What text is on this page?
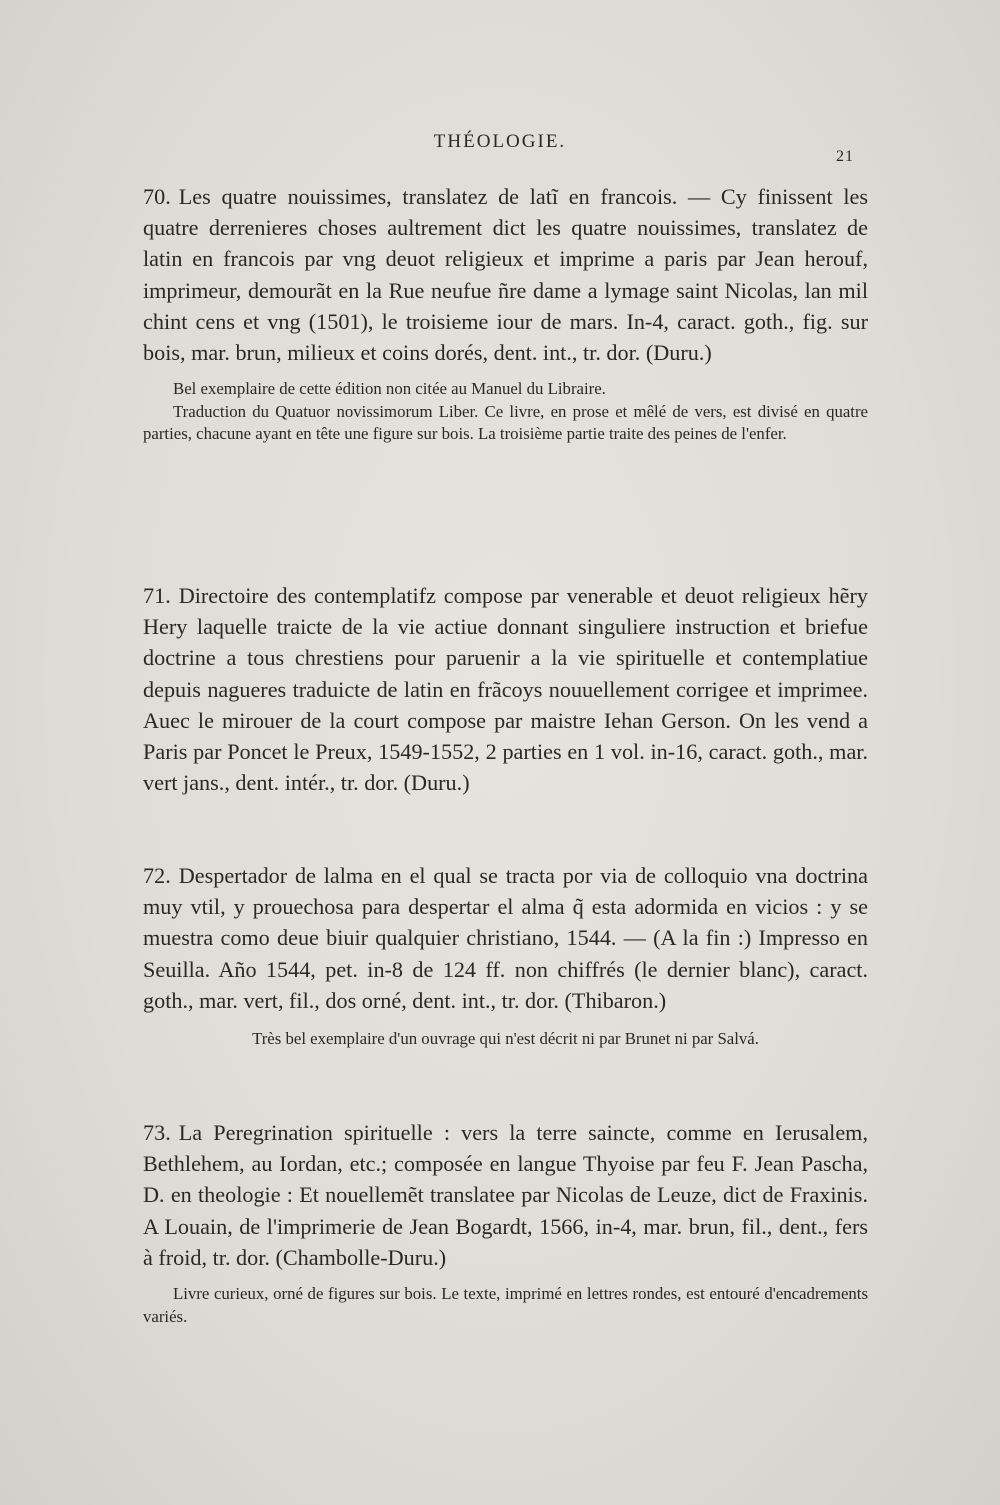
THÉOLOGIE.
21
70. Les quatre nouissimes, translatez de latĩ en francois. — Cy finissent les quatre derrenieres choses aultrement dict les quatre nouissimes, translatez de latin en francois par vng deuot religieux et imprime a paris par Jean herouf, imprimeur, demourãt en la Rue neufue ñre dame a lymage saint Nicolas, lan mil chint cens et vng (1501), le troisieme iour de mars. In-4, caract. goth., fig. sur bois, mar. brun, milieux et coins dorés, dent. int., tr. dor. (Duru.)

Bel exemplaire de cette édition non citée au Manuel du Libraire.

Traduction du Quatuor novissimorum Liber. Ce livre, en prose et mêlé de vers, est divisé en quatre parties, chacune ayant en tête une figure sur bois. La troisième partie traite des peines de l'enfer.

71. Directoire des contemplatifz compose par venerable et deuot religieux hẽry Hery laquelle traicte de la vie actiue donnant singuliere instruction et briefue doctrine a tous chrestiens pour paruenir a la vie spirituelle et contemplatiue depuis nagueres traduicte de latin en frãcoys nouuellement corrigee et imprimee. Auec le mirouer de la court compose par maistre Iehan Gerson. On les vend a Paris par Poncet le Preux, 1549-1552, 2 parties en 1 vol. in-16, caract. goth., mar. vert jans., dent. intér., tr. dor. (Duru.)
72. Despertador de lalma en el qual se tracta por via de colloquio vna doctrina muy vtil, y prouechosa para despertar el alma q̃ esta adormida en vicios : y se muestra como deue biuir qualquier christiano, 1544. — (A la fin :) Impresso en Seuilla. Año 1544, pet. in-8 de 124 ff. non chiffrés (le dernier blanc), caract. goth., mar. vert, fil., dos orné, dent. int., tr. dor. (Thibaron.)

Très bel exemplaire d'un ouvrage qui n'est décrit ni par Brunet ni par Salvá.

73. La Peregrination spirituelle : vers la terre saincte, comme en Ierusalem, Bethlehem, au Iordan, etc.; composée en langue Thyoise par feu F. Jean Pascha, D. en theologie : Et nouellemẽt translatee par Nicolas de Leuze, dict de Fraxinis. A Louain, de l'imprimerie de Jean Bogardt, 1566, in-4, mar. brun, fil., dent., fers à froid, tr. dor. (Chambolle-Duru.)

Livre curieux, orné de figures sur bois. Le texte, imprimé en lettres rondes, est entouré d'encadrements variés.
